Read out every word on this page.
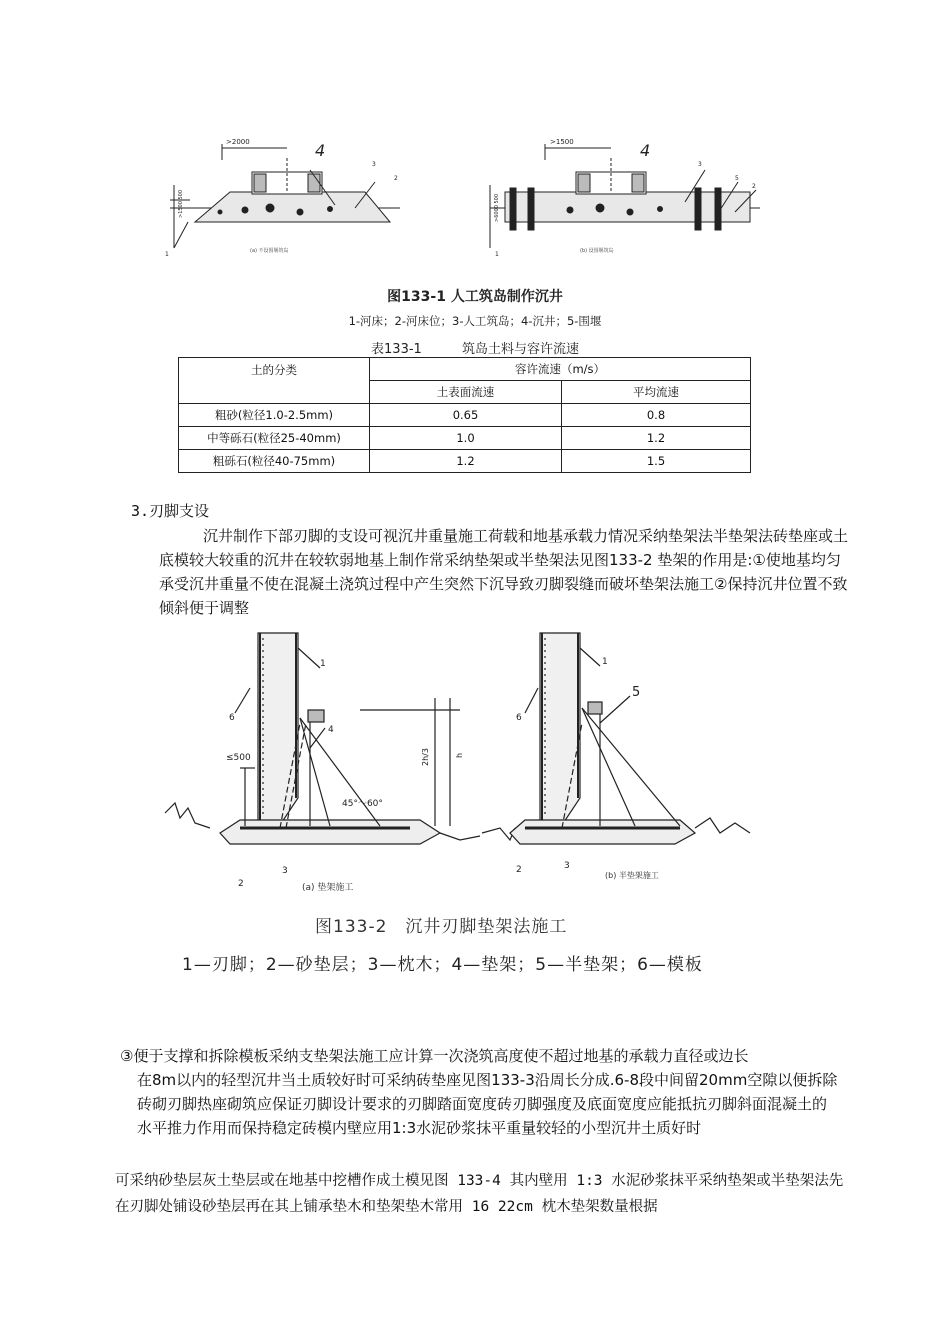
>2000	4
3
2
1
>1500 500
(a) 不设围堰筑岛
>1500	4
3
5
2
1
>6000 500
(b) 设围堰筑岛
图133-1 人工筑岛制作沉井
1-河床；2-河床位；3-人工筑岛；4-沉井；5-围堰
表133-1	筑岛土料与容许流速
土的分类	容许流速（m/s）	
	土表面流速	平均流速
粗砂(粒径1.0-2.5mm)	0.65	0.8
中等砾石(粒径25-40mm)	1.0	1.2
粗砾石(粒径40-75mm)	1.2	1.5
3.刃脚支设
沉井制作下部刃脚的支设可视沉井重量施工荷载和地基承载力情况采纳垫架法半垫架法砖垫座或土底模较大较重的沉井在较软弱地基上制作常采纳垫架或半垫架法见图133-2 垫架的作用是:①使地基均匀承受沉井重量不使在混凝土浇筑过程中产生突然下沉导致刃脚裂缝而破坏垫架法施工②保持沉井位置不致倾斜便于调整
6
1
4
2
3
≤500	2h/3	h
45°～60°
(a) 垫架施工
6
1
5
2	3
(b) 半垫架施工
图133-2　沉井刃脚垫架法施工
1—刃脚；2—砂垫层；3—枕木；4—垫架；5—半垫架；6—模板
③便于支撑和拆除模板采纳支垫架法施工应计算一次浇筑高度使不超过地基的承载力直径或边长
在8m以内的轻型沉井当土质较好时可采纳砖垫座见图133-3沿周长分成.6-8段中间留20mm空隙以便拆除砖砌刃脚热座砌筑应保证刃脚设计要求的刃脚踏面宽度砖刃脚强度及底面宽度应能抵抗刃脚斜面混凝土的水平推力作用而保持稳定砖模内壁应用1:3水泥砂浆抹平重量较轻的小型沉井土质好时
可采纳砂垫层灰土垫层或在地基中挖槽作成土模见图 133-4 其内壁用 1:3 水泥砂浆抹平采纳垫架或半垫架法先在刃脚处铺设砂垫层再在其上铺承垫木和垫架垫木常用 16 22cm 枕木垫架数量根据
